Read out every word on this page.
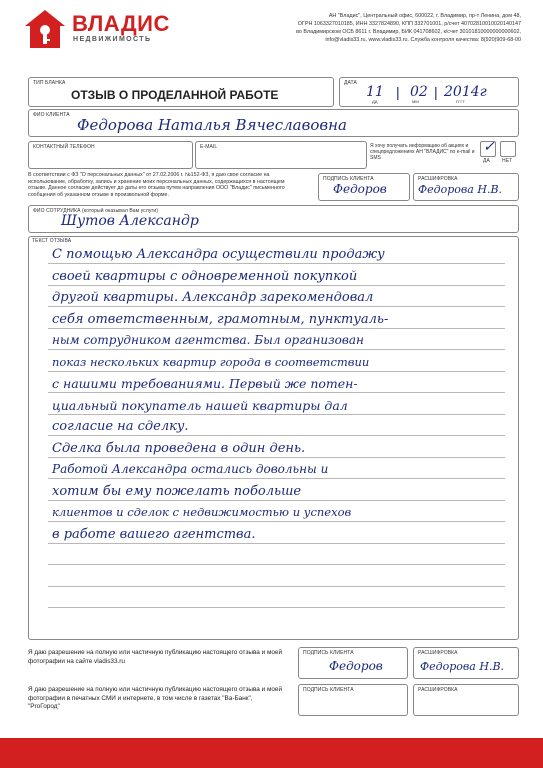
ВЛАДИС
НЕДВИЖИМОСТЬ
АН "Владис", Центральный офис, 600022, г. Владимир, пр-т Ленина, дом 48,
ОГРН 1063327010185, ИНН 3327824890, КПП 332701001, р/счет 40702810010020140147
во Владимирском ОСБ 8611 г. Владимир, БИК 041708602, к/счет 30101810000000000602,
info@vladis33.ru, www.vladis33.ru. Служба контроля качества: 8(920)909-68-00
ТИП БЛАНКА
ОТЗЫВ О ПРОДЕЛАННОЙ РАБОТЕ
ДАТА
11 | 02 | 2014г
ДД	ММ	ГГГГ
ФИО КЛИЕНТА
Федорова Наталья Вячеславовна
КОНТАКТНЫЙ ТЕЛЕФОН	E-MAIL	Я хочу получать информацию об акциях и спецпредложениях АН "ВЛАДИС" по e-mail и SMS
✓
ДА НЕТ
В соответствии с ФЗ "О персональных данных" от 27.02.2006 г. №152-ФЗ, я даю свое согласие на использование, обработку, запись и хранение моих персональных данных, содержащихся в настоящем отзыве. Данное согласие действует до даты его отзыва путем направления ООО "Владис" письменного сообщения об указанном отзыве в произвольной форме.
ПОДПИСЬ КЛИЕНТА
Федоров
РАСШИФРОВКА
Федорова Н.В.
ФИО СОТРУДНИКА (который оказывал Вам услуги)
Шутов Александр
ТЕКСТ ОТЗЫВА
С помощью Александра осуществили продажу
своей квартиры с одновременной покупкой
другой квартиры. Александр зарекомендовал
себя ответственным, грамотным, пунктуаль-
ным сотрудником агентства. Был организован
показ нескольких квартир города в соответствии
с нашими требованиями. Первый же потен-
циальный покупатель нашей квартиры дал
согласие на сделку.
Сделка была проведена в один день.
Работой Александра остались довольны и
хотим бы ему пожелать побольше
клиентов и сделок с недвижимостью и успехов
в работе вашего агентства.
Я даю разрешение на полную или частичную публикацию настоящего отзыва и моей фотографии на сайте vladis33.ru
ПОДПИСЬ КЛИЕНТА
Федоров
РАСШИФРОВКА
Федорова Н.В.
Я даю разрешение на полную или частичную публикацию настоящего отзыва и моей фотографии в печатных СМИ и интернете, в том числе в газетах "Ва-Банк", "ProГород"
ПОДПИСЬ КЛИЕНТА	РАСШИФРОВКА
